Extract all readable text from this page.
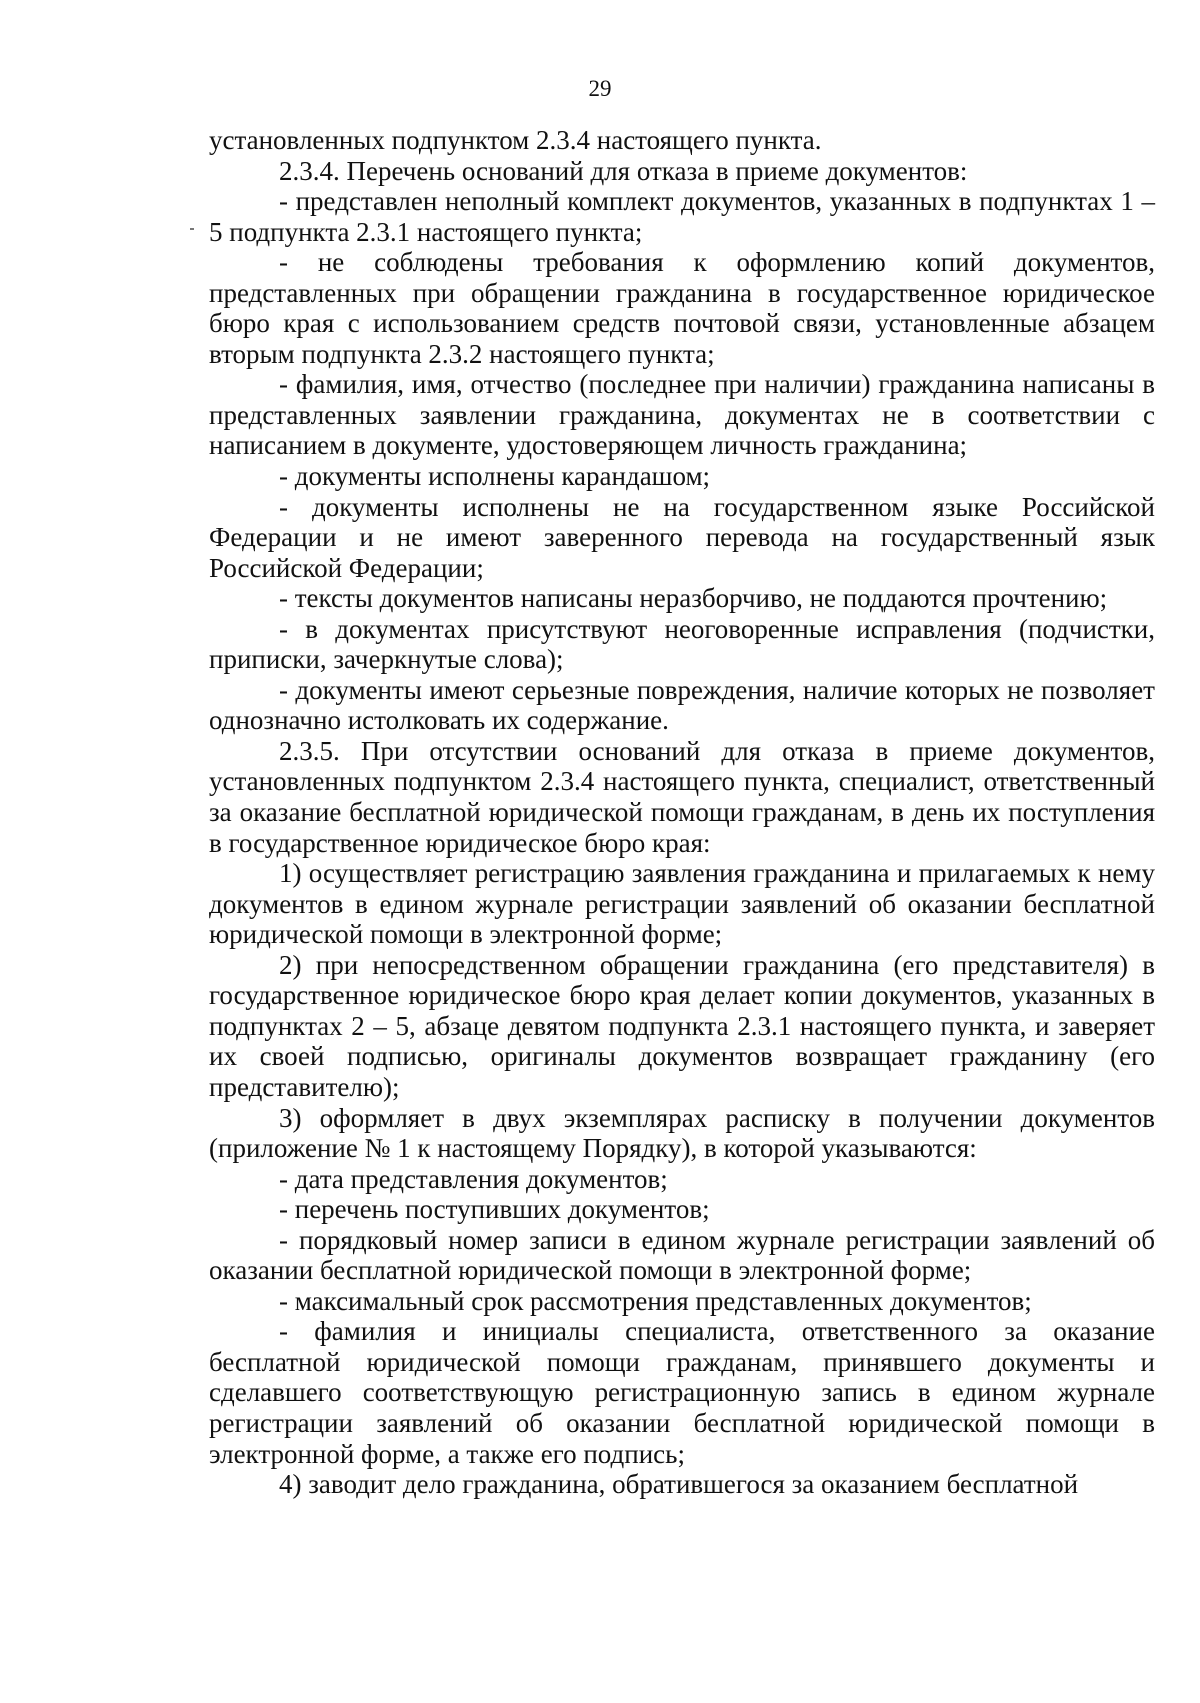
29

установленных подпунктом 2.3.4 настоящего пункта.

2.3.4. Перечень оснований для отказа в приеме документов:

- представлен неполный комплект документов, указанных в подпунктах 1 – 5 подпункта 2.3.1 настоящего пункта;

- не соблюдены требования к оформлению копий документов, представленных при обращении гражданина в государственное юридическое бюро края с использованием средств почтовой связи, установленные абзацем вторым подпункта 2.3.2 настоящего пункта;

- фамилия, имя, отчество (последнее при наличии) гражданина написаны в представленных заявлении гражданина, документах не в соответствии с написанием в документе, удостоверяющем личность гражданина;

- документы исполнены карандашом;

- документы исполнены не на государственном языке Российской Федерации и не имеют заверенного перевода на государственный язык Российской Федерации;

- тексты документов написаны неразборчиво, не поддаются прочтению;

- в документах присутствуют неоговоренные исправления (подчистки, приписки, зачеркнутые слова);

- документы имеют серьезные повреждения, наличие которых не позволяет однозначно истолковать их содержание.

2.3.5. При отсутствии оснований для отказа в приеме документов, установленных подпунктом 2.3.4 настоящего пункта, специалист, ответственный за оказание бесплатной юридической помощи гражданам, в день их поступления в государственное юридическое бюро края:

1) осуществляет регистрацию заявления гражданина и прилагаемых к нему документов в едином журнале регистрации заявлений об оказании бесплатной юридической помощи в электронной форме;

2) при непосредственном обращении гражданина (его представителя) в государственное юридическое бюро края делает копии документов, указанных в подпунктах 2 – 5, абзаце девятом подпункта 2.3.1 настоящего пункта, и заверяет их своей подписью, оригиналы документов возвращает гражданину (его представителю);

3) оформляет в двух экземплярах расписку в получении документов (приложение № 1 к настоящему Порядку), в которой указываются:

- дата представления документов;

- перечень поступивших документов;

- порядковый номер записи в едином журнале регистрации заявлений об оказании бесплатной юридической помощи в электронной форме;

- максимальный срок рассмотрения представленных документов;

- фамилия и инициалы специалиста, ответственного за оказание бесплатной юридической помощи гражданам, принявшего документы и сделавшего соответствующую регистрационную запись в едином журнале регистрации заявлений об оказании бесплатной юридической помощи в электронной форме, а также его подпись;

4) заводит дело гражданина, обратившегося за оказанием бесплатной
